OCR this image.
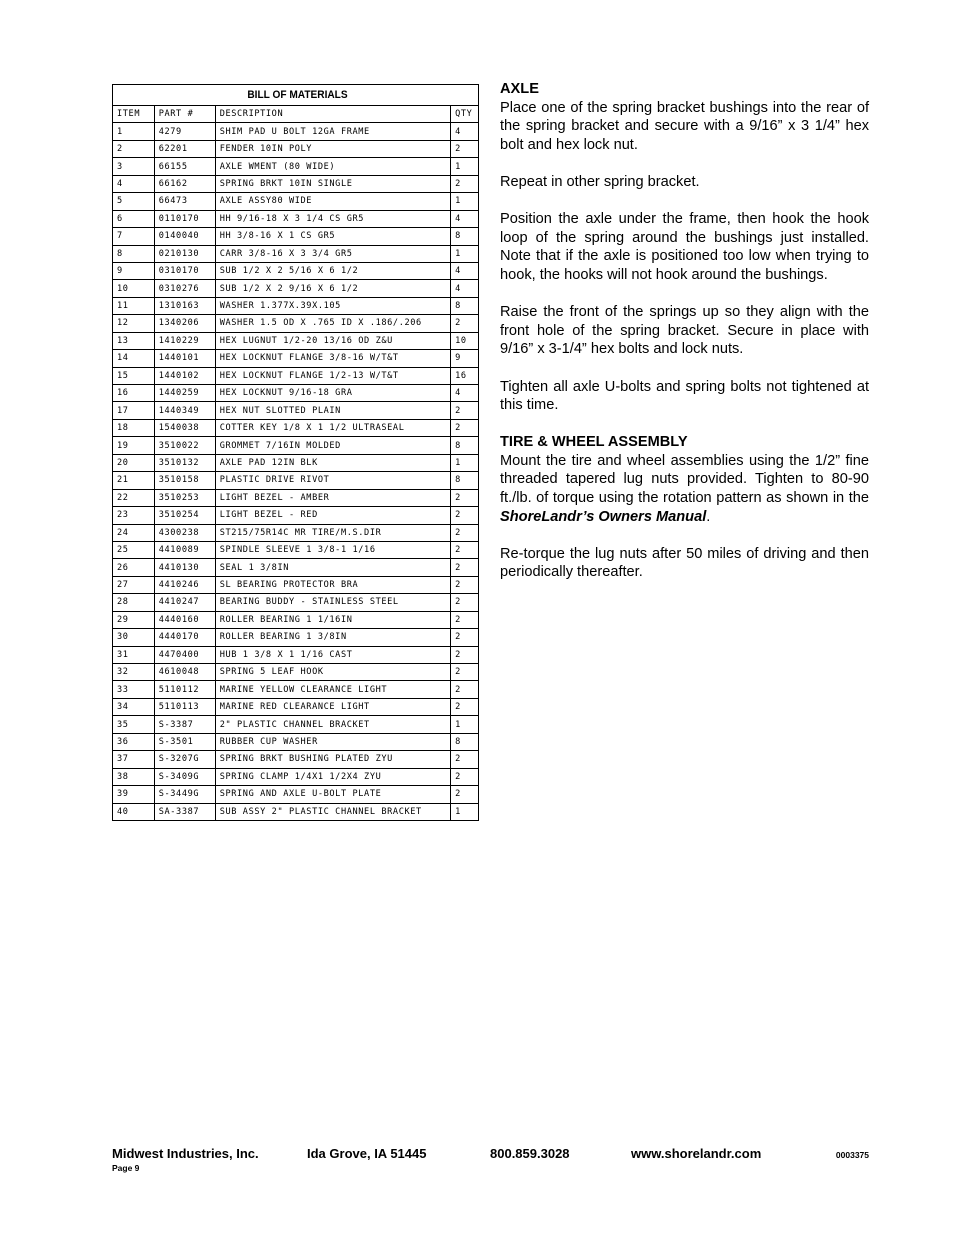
BILL OF MATERIALS			
ITEM	PART #	DESCRIPTION	QTY
1	4279	SHIM PAD U BOLT 12GA FRAME	4
2	62201	FENDER 10IN POLY	2
3	66155	AXLE WMENT (80 WIDE)	1
4	66162	SPRING BRKT 10IN SINGLE	2
5	66473	AXLE ASSY80 WIDE	1
6	0110170	HH 9/16-18 X 3 1/4 CS GR5	4
7	0140040	HH 3/8-16 X 1 CS GR5	8
8	0210130	CARR 3/8-16 X 3 3/4 GR5	1
9	0310170	SUB 1/2 X 2 5/16 X 6 1/2	4
10	0310276	SUB 1/2 X 2 9/16 X 6 1/2	4
11	1310163	WASHER 1.377X.39X.105	8
12	1340206	WASHER 1.5 OD X .765 ID X .186/.206	2
13	1410229	HEX LUGNUT 1/2-20 13/16 OD Z&U	10
14	1440101	HEX LOCKNUT FLANGE 3/8-16 W/T&T	9
15	1440102	HEX LOCKNUT FLANGE 1/2-13 W/T&T	16
16	1440259	HEX LOCKNUT 9/16-18 GRA	4
17	1440349	HEX NUT SLOTTED PLAIN	2
18	1540038	COTTER KEY 1/8 X 1 1/2 ULTRASEAL	2
19	3510022	GROMMET 7/16IN MOLDED	8
20	3510132	AXLE PAD 12IN BLK	1
21	3510158	PLASTIC DRIVE RIVOT	8
22	3510253	LIGHT BEZEL - AMBER	2
23	3510254	LIGHT BEZEL - RED	2
24	4300238	ST215/75R14C MR TIRE/M.S.DIR	2
25	4410089	SPINDLE SLEEVE 1 3/8-1 1/16	2
26	4410130	SEAL 1 3/8IN	2
27	4410246	SL BEARING PROTECTOR BRA	2
28	4410247	BEARING BUDDY - STAINLESS STEEL	2
29	4440160	ROLLER BEARING 1 1/16IN	2
30	4440170	ROLLER BEARING 1 3/8IN	2
31	4470400	HUB 1 3/8 X 1 1/16 CAST	2
32	4610048	SPRING 5 LEAF HOOK	2
33	5110112	MARINE YELLOW CLEARANCE LIGHT	2
34	5110113	MARINE RED CLEARANCE LIGHT	2
35	S-3387	2" PLASTIC CHANNEL BRACKET	1
36	S-3501	RUBBER CUP WASHER	8
37	S-3207G	SPRING BRKT BUSHING PLATED ZYU	2
38	S-3409G	SPRING CLAMP 1/4X1 1/2X4 ZYU	2
39	S-3449G	SPRING AND AXLE U-BOLT PLATE	2
40	SA-3387	SUB ASSY 2" PLASTIC CHANNEL BRACKET	1
AXLE

Place one of the spring bracket bushings into the rear of the spring bracket and secure with a 9/16” x 3 1/4” hex bolt and hex lock nut.

Repeat in other spring bracket.

Position the axle under the frame, then hook the hook loop of the spring around the bushings just installed. Note that if the axle is positioned too low when trying to hook, the hooks will not hook around the bushings.

Raise the front of the springs up so they align with the front hole of the spring bracket. Secure in place with 9/16” x 3-1/4” hex bolts and lock nuts.

Tighten all axle U-bolts and spring bolts not tightened at this time.

TIRE & WHEEL ASSEMBLY

Mount the tire and wheel assemblies using the 1/2” fine threaded tapered lug nuts provided. Tighten to 80-90 ft./lb. of torque using the rotation pattern as shown in the ShoreLandr’s Owners Manual.

Re-torque the lug nuts after 50 miles of driving and then periodically thereafter.

Midwest Industries, Inc.	Ida Grove, IA 51445	800.859.3028	www.shorelandr.com	0003375
Page 9
